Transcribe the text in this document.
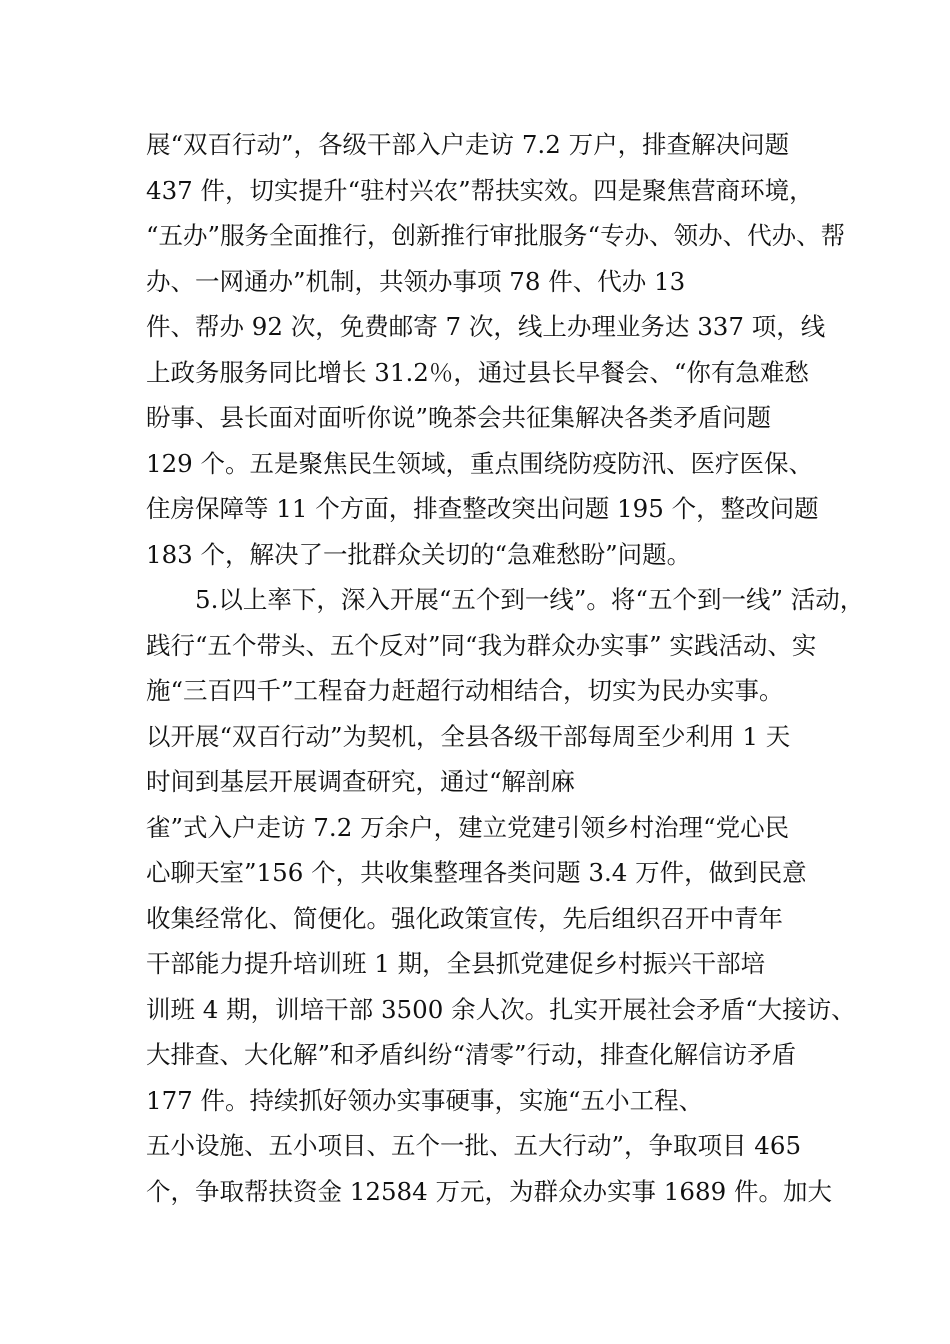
展“双百行动”，各级干部入户走访 7.2 万户，排查解决问题
437 件，切实提升“驻村兴农”帮扶实效。四是聚焦营商环境，
“五办”服务全面推行，创新推行审批服务“专办、领办、代办、帮
办、一网通办”机制，共领办事项 78 件、代办 13
件、帮办 92 次，免费邮寄 7 次，线上办理业务达 337 项，线
上政务服务同比增长 31.2％，通过县长早餐会、“你有急难愁
盼事、县长面对面听你说”晚茶会共征集解决各类矛盾问题
129 个。五是聚焦民生领域，重点围绕防疫防汛、医疗医保、
住房保障等 11 个方面，排查整改突出问题 195 个，整改问题
183 个，解决了一批群众关切的“急难愁盼”问题。
5.以上率下，深入开展“五个到一线”。将“五个到一线” 活动，
践行“五个带头、五个反对”同“我为群众办实事” 实践活动、实
施“三百四千”工程奋力赶超行动相结合，切实为民办实事。
以开展“双百行动”为契机，全县各级干部每周至少利用 1 天
时间到基层开展调查研究，通过“解剖麻
雀”式入户走访 7.2 万余户，建立党建引领乡村治理“党心民
心聊天室”156 个，共收集整理各类问题 3.4 万件，做到民意
收集经常化、简便化。强化政策宣传，先后组织召开中青年
干部能力提升培训班 1 期，全县抓党建促乡村振兴干部培
训班 4 期，训培干部 3500 余人次。扎实开展社会矛盾“大接访、
大排查、大化解”和矛盾纠纷“清零”行动，排查化解信访矛盾
177 件。持续抓好领办实事硬事，实施“五小工程、
五小设施、五小项目、五个一批、五大行动”，争取项目 465
个，争取帮扶资金 12584 万元，为群众办实事 1689 件。加大
